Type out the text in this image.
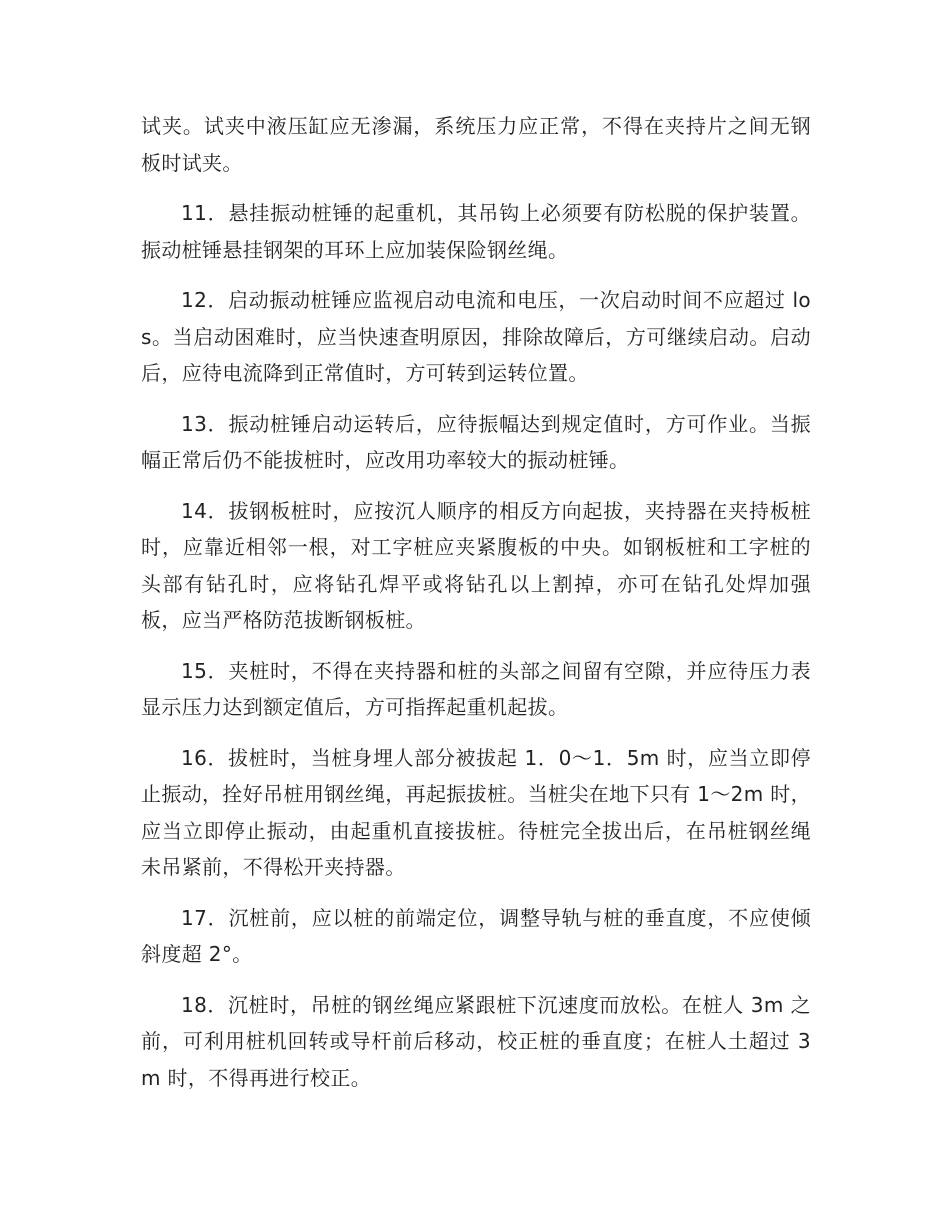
试夹。试夹中液压缸应无渗漏，系统压力应正常，不得在夹持片之间无钢板时试夹。

11．悬挂振动桩锤的起重机，其吊钩上必须要有防松脱的保护装置。振动桩锤悬挂钢架的耳环上应加装保险钢丝绳。

12．启动振动桩锤应监视启动电流和电压，一次启动时间不应超过 los。当启动困难时，应当快速查明原因，排除故障后，方可继续启动。启动后，应待电流降到正常值时，方可转到运转位置。

13．振动桩锤启动运转后，应待振幅达到规定值时，方可作业。当振幅正常后仍不能拔桩时，应改用功率较大的振动桩锤。

14．拔钢板桩时，应按沉人顺序的相反方向起拔，夹持器在夹持板桩时，应靠近相邻一根，对工字桩应夹紧腹板的中央。如钢板桩和工字桩的头部有钻孔时，应将钻孔焊平或将钻孔以上割掉，亦可在钻孔处焊加强板，应当严格防范拔断钢板桩。

15．夹桩时，不得在夹持器和桩的头部之间留有空隙，并应待压力表显示压力达到额定值后，方可指挥起重机起拔。

16．拔桩时，当桩身埋人部分被拔起 1．0～1．5m 时，应当立即停止振动，拴好吊桩用钢丝绳，再起振拔桩。当桩尖在地下只有 1～2m 时，应当立即停止振动，由起重机直接拔桩。待桩完全拔出后，在吊桩钢丝绳未吊紧前，不得松开夹持器。

17．沉桩前，应以桩的前端定位，调整导轨与桩的垂直度，不应使倾斜度超 2°。

18．沉桩时，吊桩的钢丝绳应紧跟桩下沉速度而放松。在桩人 3m 之前，可利用桩机回转或导杆前后移动，校正桩的垂直度；在桩人土超过 3m 时，不得再进行校正。
